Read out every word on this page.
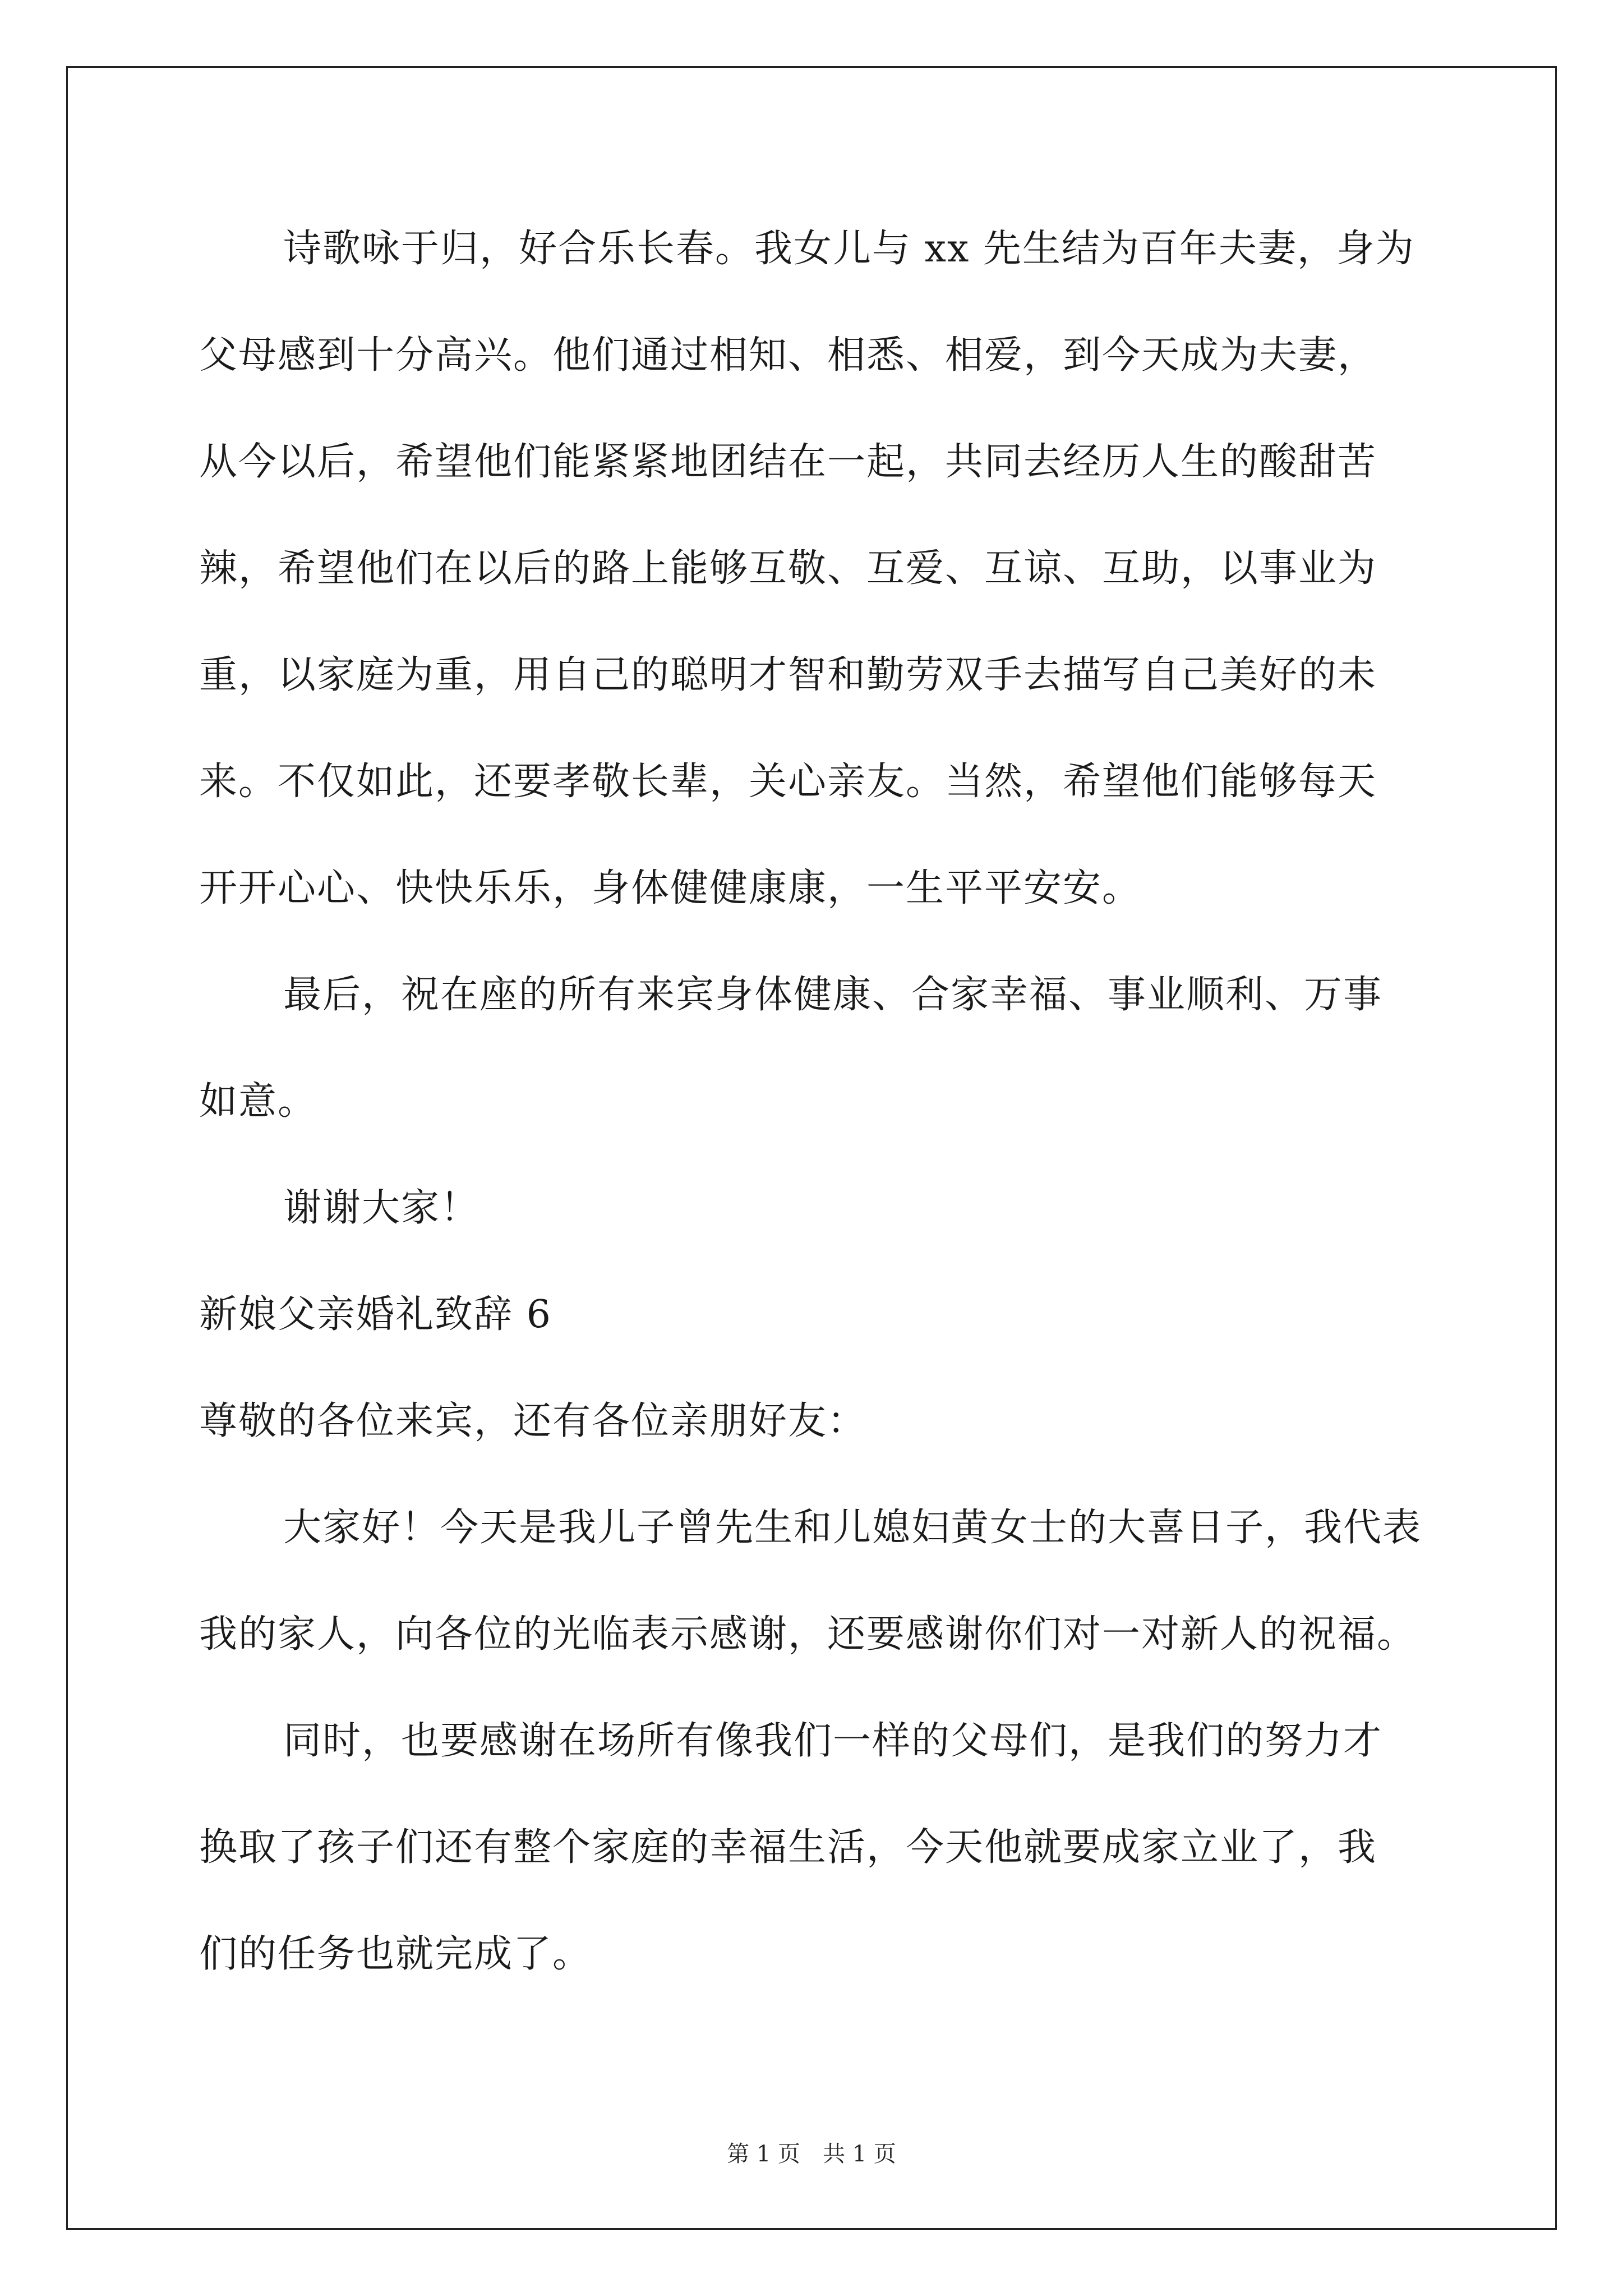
诗歌咏于归，好合乐长春。我女儿与 xx 先生结为百年夫妻，身为
父母感到十分高兴。他们通过相知、相悉、相爱，到今天成为夫妻，
从今以后，希望他们能紧紧地团结在一起，共同去经历人生的酸甜苦
辣，希望他们在以后的路上能够互敬、互爱、互谅、互助，以事业为
重，以家庭为重，用自己的聪明才智和勤劳双手去描写自己美好的未
来。不仅如此，还要孝敬长辈，关心亲友。当然，希望他们能够每天
开开心心、快快乐乐，身体健健康康，一生平平安安。
最后，祝在座的所有来宾身体健康、合家幸福、事业顺利、万事
如意。
谢谢大家！
新娘父亲婚礼致辞 6
尊敬的各位来宾，还有各位亲朋好友：
大家好！今天是我儿子曾先生和儿媳妇黄女士的大喜日子，我代表
我的家人，向各位的光临表示感谢，还要感谢你们对一对新人的祝福。
同时，也要感谢在场所有像我们一样的父母们，是我们的努力才
换取了孩子们还有整个家庭的幸福生活，今天他就要成家立业了，我
们的任务也就完成了。
第 1 页　共 1 页
